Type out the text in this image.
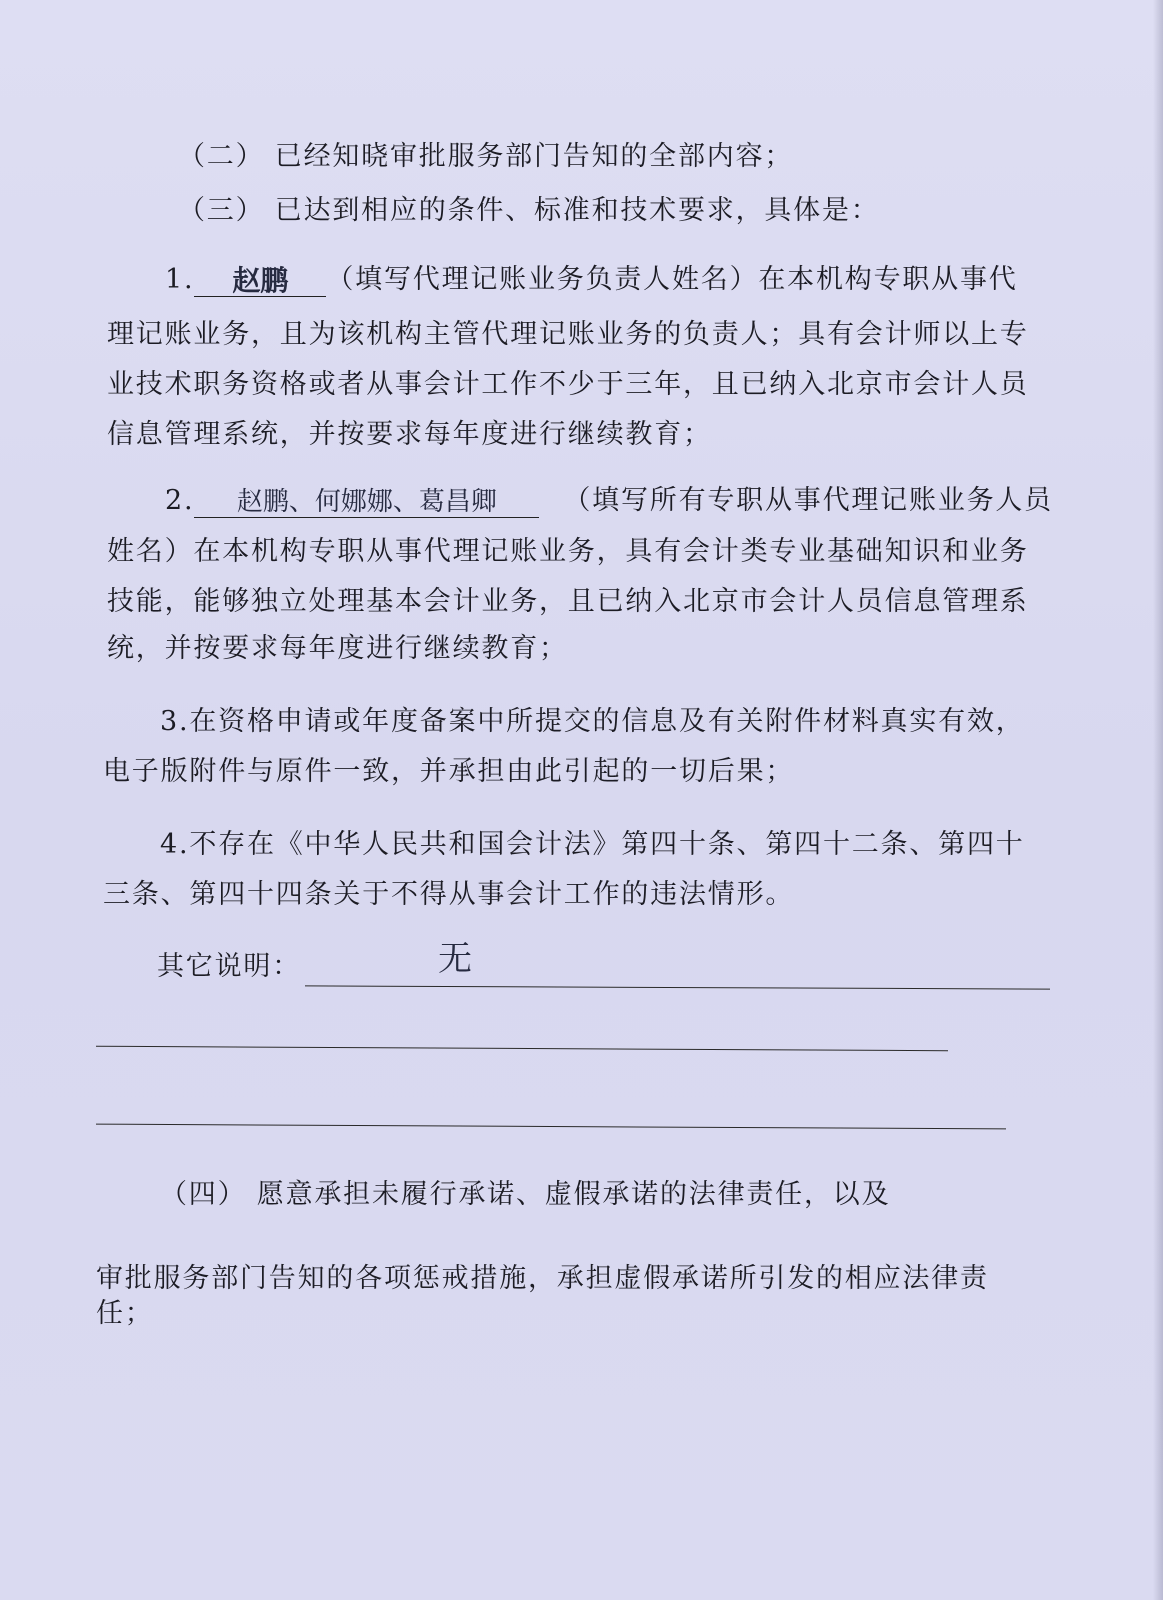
（二） 已经知晓审批服务部门告知的全部内容；
（三） 已达到相应的条件、标准和技术要求，具体是：
1. 赵鹏 （填写代理记账业务负责人姓名）在本机构专职从事代
理记账业务，且为该机构主管代理记账业务的负责人；具有会计师以上专
业技术职务资格或者从事会计工作不少于三年，且已纳入北京市会计人员
信息管理系统，并按要求每年度进行继续教育；
2. 赵鹏、何娜娜、葛昌卿 （填写所有专职从事代理记账业务人员
姓名）在本机构专职从事代理记账业务，具有会计类专业基础知识和业务
技能，能够独立处理基本会计业务，且已纳入北京市会计人员信息管理系
统，并按要求每年度进行继续教育；
3.在资格申请或年度备案中所提交的信息及有关附件材料真实有效，
电子版附件与原件一致，并承担由此引起的一切后果；
4.不存在《中华人民共和国会计法》第四十条、第四十二条、第四十
三条、第四十四条关于不得从事会计工作的违法情形。
其它说明：	无
（四） 愿意承担未履行承诺、虚假承诺的法律责任，以及
审批服务部门告知的各项惩戒措施，承担虚假承诺所引发的相应法律责
任；
